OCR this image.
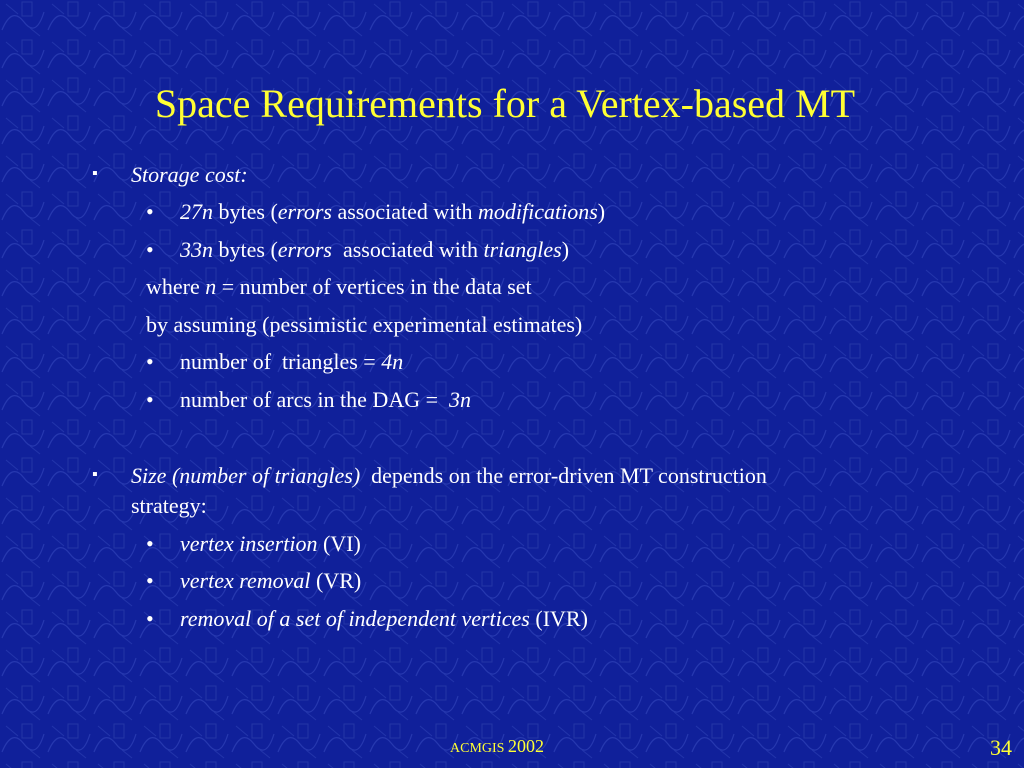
Space Requirements for a Vertex-based MT
▪ Storage cost:
• 27n bytes (errors associated with modifications)
• 33n bytes (errors  associated with triangles)
where n = number of vertices in the data set
by assuming (pessimistic experimental estimates)
• number of  triangles = 4n
• number of arcs in the DAG =  3n
▪ Size (number of triangles)  depends on the error-driven MT construction
strategy:
• vertex insertion (VI)
• vertex removal (VR)
• removal of a set of independent vertices (IVR)
ACMGIS 2002	34
